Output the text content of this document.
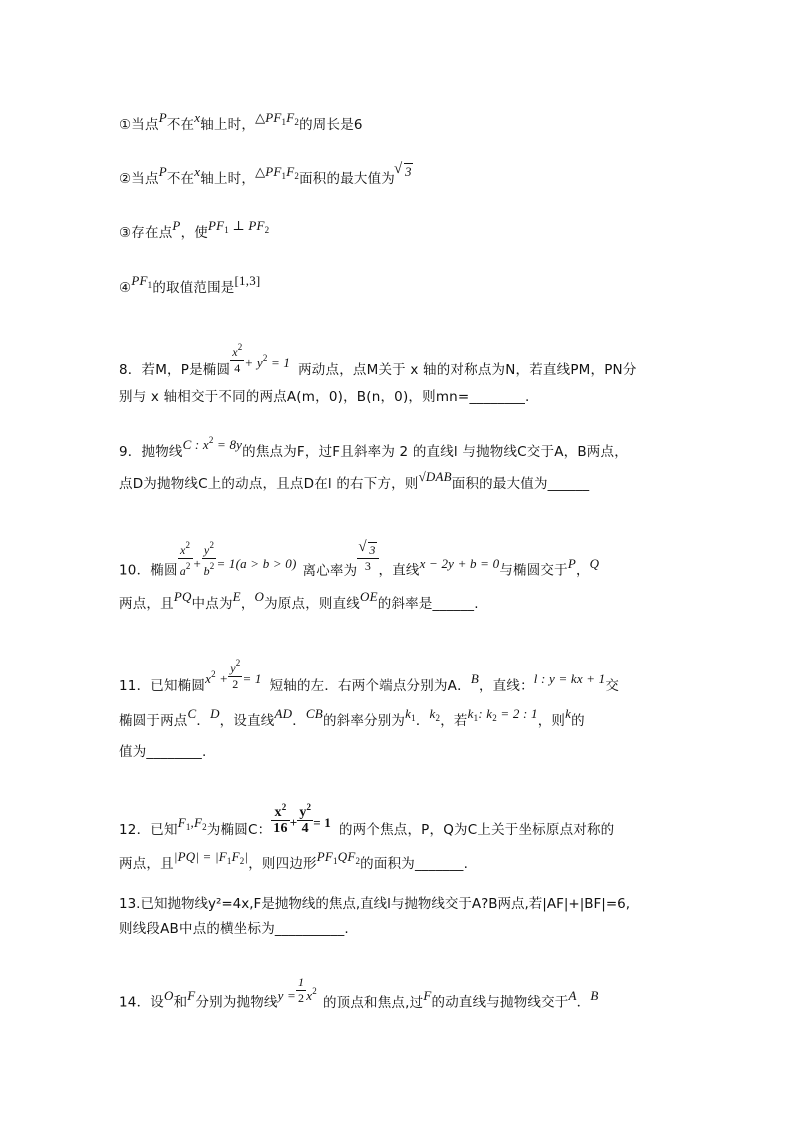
①当点P不在x轴上时，$\triangle PF_1F_2$的周长是6
②当点P不在x轴上时，$\triangle PF_1F_2$面积的最大值为 √ 3
③存在点P，使$PF_1$ ⊥ $PF_2$
$④PF_1$的取值范围是[1,3]
8．若M，P是椭圆 $\frac{x^2}{4} + y^2 = 1$ 两动点，点M关于 x 轴的对称点为N，若直线PM，PN分
别与 x 轴相交于不同的两点A(m，0)，B(n，0)，则mn=________.
9．抛物线C : $x^2 = 8y$的焦点为F，过F且斜率为 2 的直线l 与抛物线C交于A，B两点，
点D为抛物线C上的动点，且点D在l 的右下方，则√DAB面积的最大值为______
10．椭圆 $\frac{x^2}{a^2} + \frac{y^2}{b^2} = 1(a > b > 0)$ 离心率为 √ $\frac{3}{3}$ ，直线x − 2y + b = 0与椭圆交于P，Q
两点，且PQ中点为E，O为原点，则直线OE的斜率是______.
11．已知椭圆$x^2 + \frac{y^2}{2} = 1$ 短轴的左．右两个端点分别为A．B，直线：l : y = kx + 1交
椭圆于两点C．D，设直线AD．CB的斜率分别为$k_1$．$k_2$，若$k_1$: $k_2 = 2$ : 1，则k的
值为________.
12．已知$F_1,F_2$为椭圆C： $\frac{x^2}{16} + \frac{y^2}{4} = 1$ 的两个焦点，P，Q为C上关于坐标原点对称的
两点，且$|PQ| = |F_1F_2|$，则四边形$PF_1QF_2$的面积为_______.
13.已知抛物线y²=4x,F是抛物线的焦点,直线l与抛物线交于A?B两点,若|AF|+|BF|=6,
则线段AB中点的横坐标为__________.
14．设O和F分别为抛物线$y = \frac{1}{2} x^2$的顶点和焦点,过F的动直线与抛物线交于A．B
